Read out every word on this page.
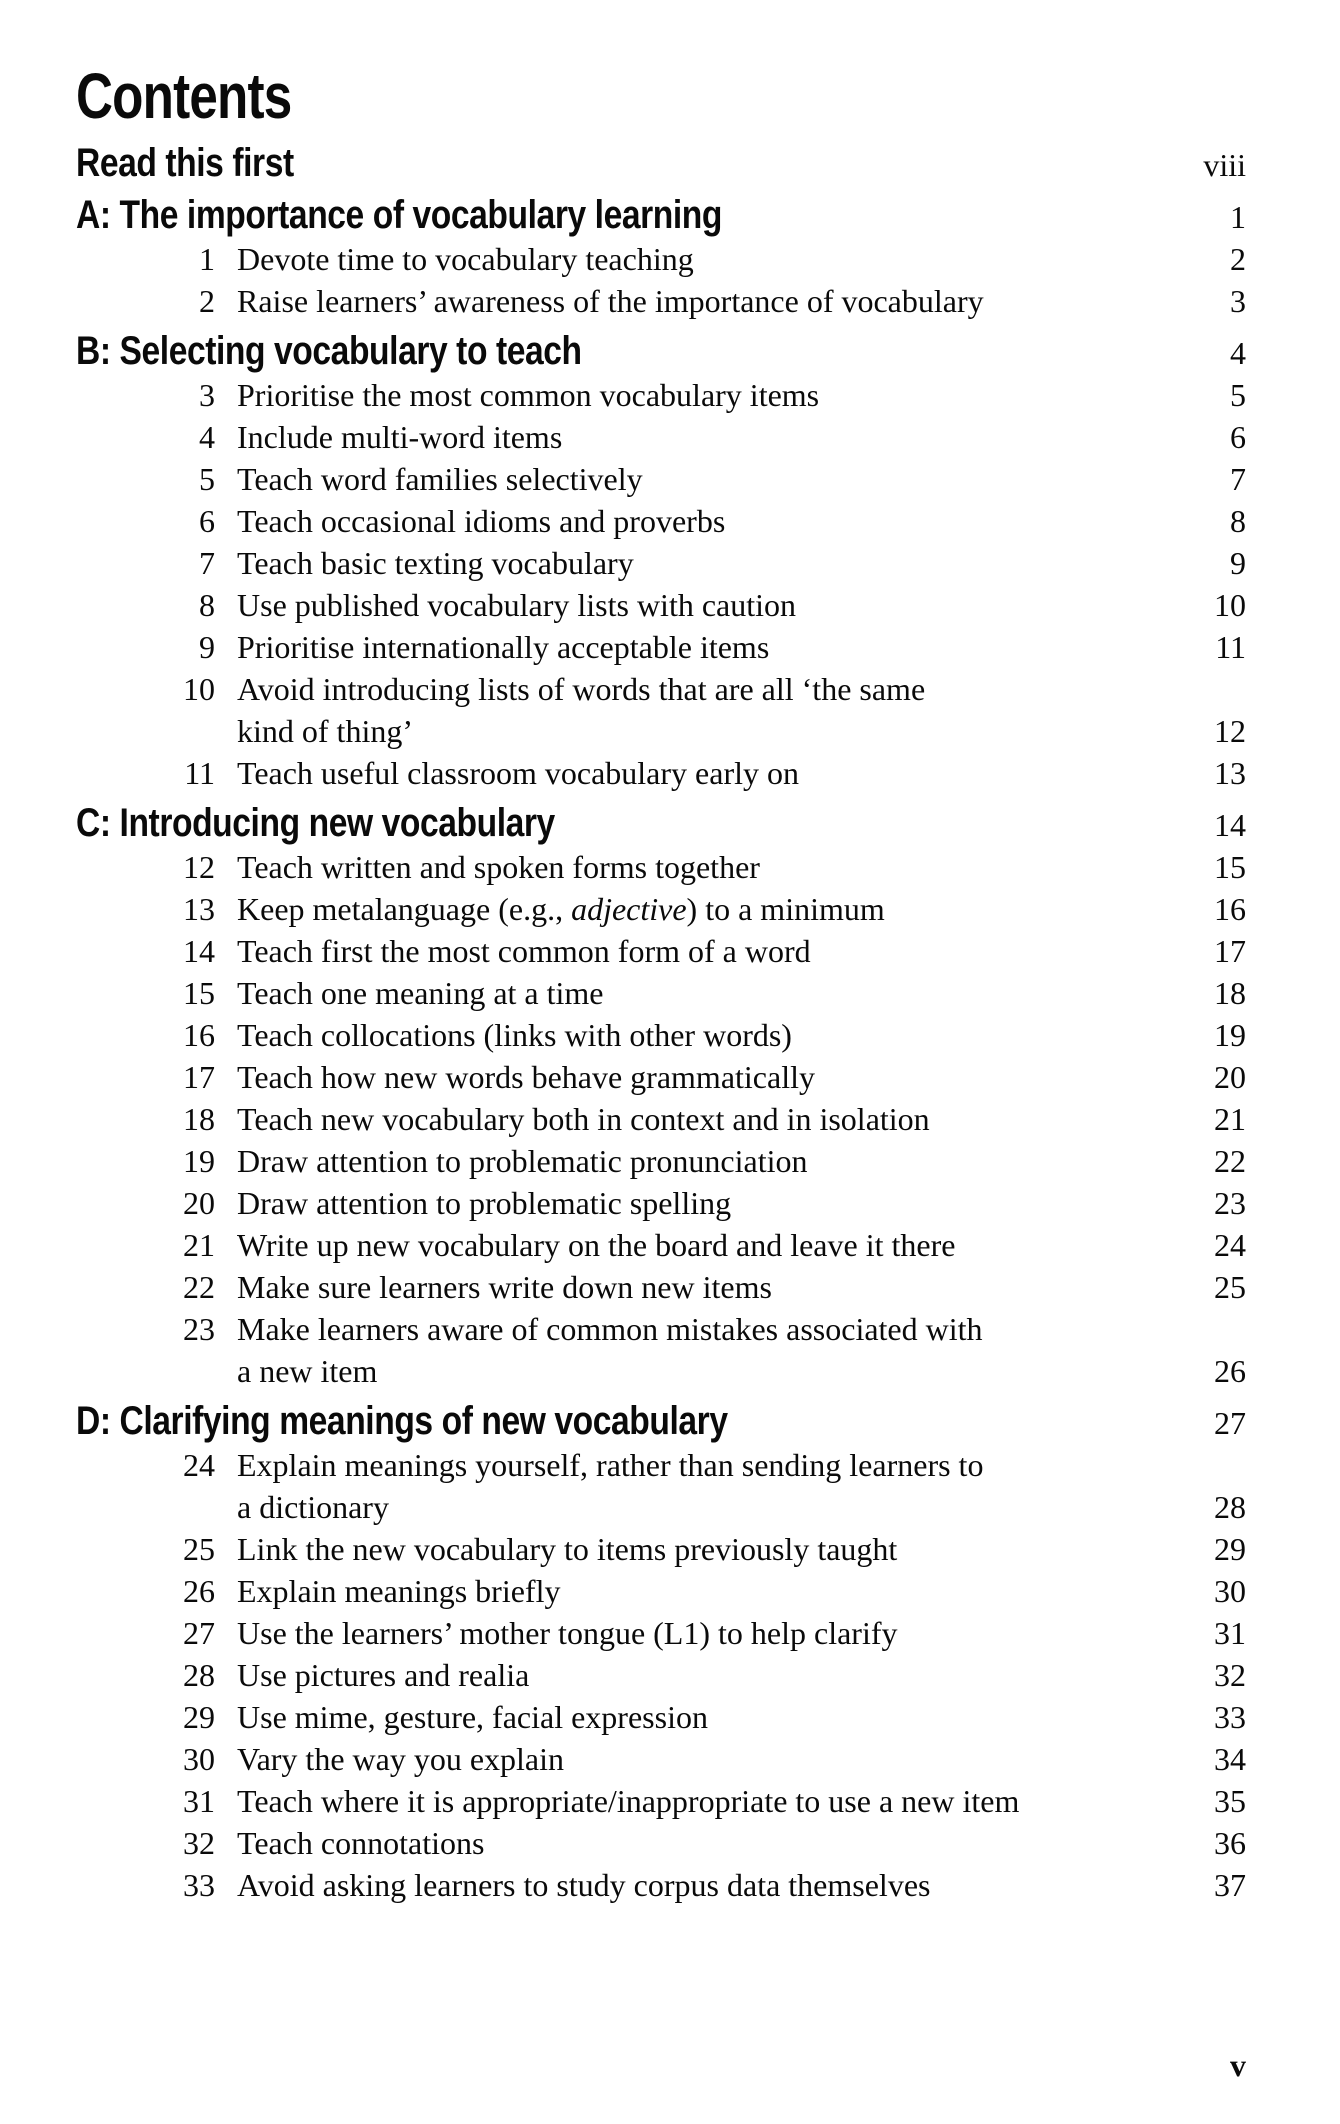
Contents
Read this first	viii
A: The importance of vocabulary learning	1
1 Devote time to vocabulary teaching	2
2 Raise learners’ awareness of the importance of vocabulary	3
B: Selecting vocabulary to teach	4
3 Prioritise the most common vocabulary items	5
4 Include multi-word items	6
5 Teach word families selectively	7
6 Teach occasional idioms and proverbs	8
7 Teach basic texting vocabulary	9
8 Use published vocabulary lists with caution	10
9 Prioritise internationally acceptable items	11
10 Avoid introducing lists of words that are all ‘the same
kind of thing’	12
11 Teach useful classroom vocabulary early on	13
C: Introducing new vocabulary	14
12 Teach written and spoken forms together	15
13 Keep metalanguage (e.g., adjective) to a minimum	16
14 Teach first the most common form of a word	17
15 Teach one meaning at a time	18
16 Teach collocations (links with other words)	19
17 Teach how new words behave grammatically	20
18 Teach new vocabulary both in context and in isolation	21
19 Draw attention to problematic pronunciation	22
20 Draw attention to problematic spelling	23
21 Write up new vocabulary on the board and leave it there	24
22 Make sure learners write down new items	25
23 Make learners aware of common mistakes associated with
a new item	26
D: Clarifying meanings of new vocabulary	27
24 Explain meanings yourself, rather than sending learners to
a dictionary	28
25 Link the new vocabulary to items previously taught	29
26 Explain meanings briefly	30
27 Use the learners’ mother tongue (L1) to help clarify	31
28 Use pictures and realia	32
29 Use mime, gesture, facial expression	33
30 Vary the way you explain	34
31 Teach where it is appropriate/inappropriate to use a new item	35
32 Teach connotations	36
33 Avoid asking learners to study corpus data themselves	37
v
